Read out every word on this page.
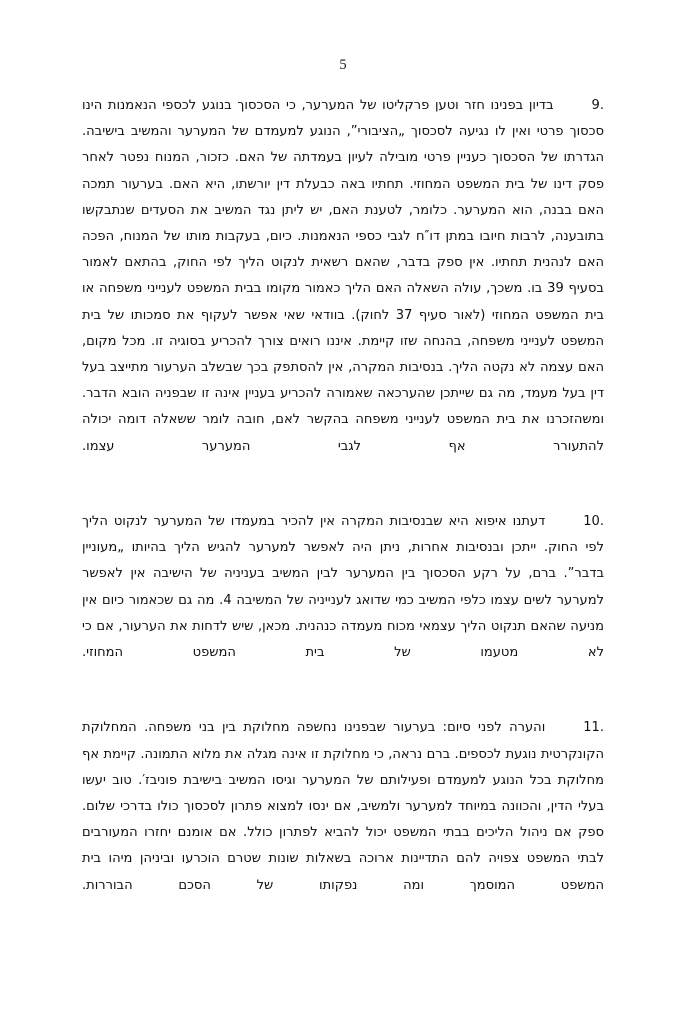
5

9.בדיון בפנינו חזר וטען פרקליטו של המערער, כי הסכסוך בנוגע לכספי הנאמנות הינו סכסוך פרטי ואין לו נגיעה לסכסוך „הציבורי”, הנוגע למעמדם של המערער והמשיב בישיבה. הגדרתו של הסכסוך כעניין פרטי מובילה לעיון בעמדתה של האם. כזכור, המנוח נפטר לאחר פסק דינו של בית המשפט המחוזי. תחתיו באה כבעלת דין יורשתו, היא האם. בערעור תמכה האם בבנה, הוא המערער. כלומר, לטענת האם, יש ליתן נגד המשיב את הסעדים שנתבקשו בתובענה, לרבות חיובו במתן דו″ח לגבי כספי הנאמנות. כיום, בעקבות מותו של המנוח, הפכה האם לנהנית תחתיו. אין ספק בדבר, שהאם רשאית לנקוט הליך לפי החוק, בהתאם לאמור בסעיף 39 בו. משכך, עולה השאלה האם הליך כאמור מקומו בבית המשפט לענייני משפחה או בית המשפט המחוזי (לאור סעיף 37 לחוק). בוודאי שאי אפשר לעקוף את סמכותו של בית המשפט לענייני משפחה, בהנחה שזו קיימת. איננו רואים צורך להכריע בסוגיה זו. מכל מקום, האם עצמה לא נקטה הליך. בנסיבות המקרה, אין להסתפק בכך שבשלב הערעור מתייצב בעל דין בעל מעמד, מה גם שייתכן שהערכאה שאמורה להכריע בעניין אינה זו שבפניה הובא הדבר. ומשהזכרנו את בית המשפט לענייני משפחה בהקשר לאם, חובה לומר ששאלה דומה יכולה להתעורר אף לגבי המערער עצמו.

10.דעתנו איפוא היא שבנסיבות המקרה אין להכיר במעמדו של המערער לנקוט הליך לפי החוק. ייתכן ובנסיבות אחרות, ניתן היה לאפשר למערער להגיש הליך בהיותו „מעוניין בדבר”. ברם, על רקע הסכסוך בין המערער לבין המשיב בעניניה של הישיבה אין לאפשר למערער לשים עצמו כלפי המשיב כמי שדואג לענייניה של המשיבה 4. מה גם שכאמור כיום אין מניעה שהאם תנקוט הליך עצמאי מכוח מעמדה כנהנית. מכאן, שיש לדחות את הערעור, אם כי לא מטעמו של בית המשפט המחוזי.

11.והערה לפני סיום: בערעור שבפנינו נחשפה מחלוקת בין בני משפחה. המחלוקת הקונקרטית נוגעת לכספים. ברם נראה, כי מחלוקת זו אינה מגלה את מלוא התמונה. קיימת אף מחלוקת בכל הנוגע למעמדם ופעילותם של המערער וגיסו המשיב בישיבת פוניבז′. טוב יעשו בעלי הדין, והכוונה במיוחד למערער ולמשיב, אם ינסו למצוא פתרון לסכסוך כולו בדרכי שלום. ספק אם ניהול הליכים בבתי המשפט יכול להביא לפתרון כולל. אם אומנם יחזרו המעורבים לבתי המשפט צפויה להם התדיינות ארוכה בשאלות שונות שטרם הוכרעו וביניהן מיהו בית המשפט המוסמך ומה נפקותו של הסכם הבוררות.
